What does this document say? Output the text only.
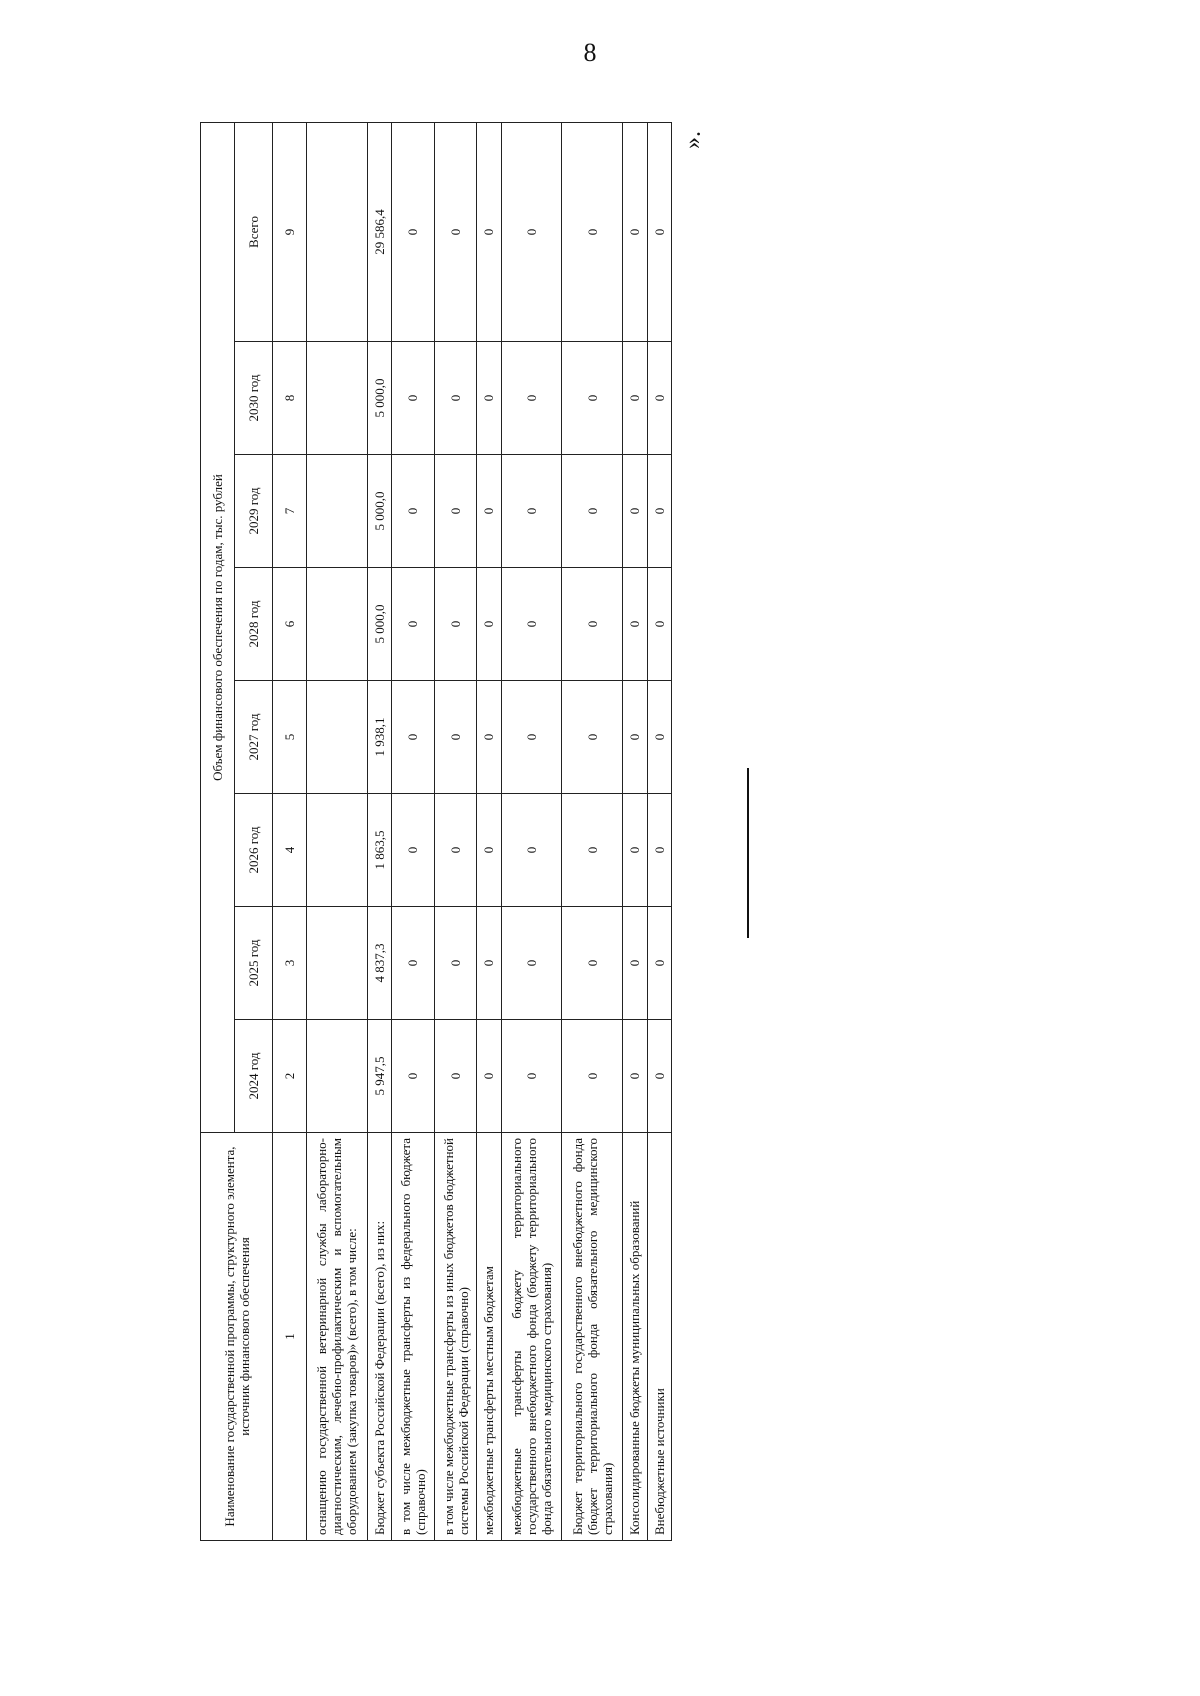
8
».
Наименование государственной программы, структурного элемента, источник финансового обеспечения	Объем финансового обеспечения по годам, тыс. рублей							
	2024 год	2025 год	2026 год	2027 год	2028 год	2029 год	2030 год	Всего
1	2	3	4	5	6	7	8	9
оснащению государственной ветеринарной службы лабораторно-диагностическим, лечебно-профилактическим и вспомогательным оборудованием (закупка товаров)» (всего), в том числе:								
Бюджет субъекта Российской Федерации (всего), из них:	5 947,5	4 837,3	1 863,5	1 938,1	5 000,0	5 000,0	5 000,0	29 586,4
в том числе межбюджетные трансферты из федерального бюджета (справочно)	0	0	0	0	0	0	0	0
в том числе межбюджетные трансферты из иных бюджетов бюджетной системы Российской Федерации (справочно)	0	0	0	0	0	0	0	0
межбюджетные трансферты местным бюджетам	0	0	0	0	0	0	0	0
межбюджетные трансферты бюджету территориального государственного внебюджетного фонда (бюджету территориального фонда обязательного медицинского страхования)	0	0	0	0	0	0	0	0
Бюджет территориального государственного внебюджетного фонда (бюджет территориального фонда обязательного медицинского страхования)	0	0	0	0	0	0	0	0
Консолидированные бюджеты муниципальных образований	0	0	0	0	0	0	0	0
Внебюджетные источники	0	0	0	0	0	0	0	0
